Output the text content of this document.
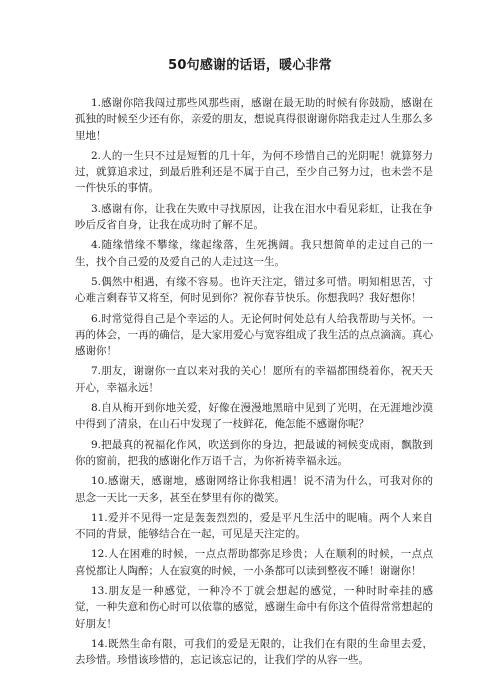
50句感谢的话语，暖心非常

1.感谢你陪我闯过那些风那些雨，感谢在最无助的时候有你鼓励，感谢在孤独的时候至少还有你，亲爱的朋友，想说真得很谢谢你陪我走过人生那么多里地！

2.人的一生只不过是短暂的几十年，为何不珍惜自己的光阴呢！就算努力过，就算追求过，到最后胜利还是不属于自己，至少自己努力过，也未尝不是一件快乐的事情。

3.感谢有你，让我在失败中寻找原因，让我在泪水中看见彩虹，让我在争吵后反省自身，让我在成功时了解不足。

4.随缘惜缘不攀缘，缘起缘落，生死携阔。我只想简单的走过自己的一生，找个自己爱的及爱自己的人走过这一生。

5.偶然中相遇，有缘不容易。也许天注定，错过多可惜。明知相思苦，寸心难言剩春节又将至，何时见到你？祝你春节快乐。你想我吗？我好想你！

6.时常觉得自己是个幸运的人。无论何时何处总有人给我帮助与关怀。一再的体会，一再的确信，是大家用爱心与宽容组成了我生活的点点滴滴。真心感谢你！

7.朋友，谢谢你一直以来对我的关心！愿所有的幸福都围绕着你，祝天天开心，幸福永远！

8.自从梅开到你地关爱，好像在漫漫地黑暗中见到了光明，在无涯地沙漠中得到了清泉，在山石中发现了一枝鲜花，俺怎能不感谢你呢？

9.把最真的祝福化作风，吹送到你的身边，把最诚的祠候变成雨，飘散到你的窗前，把我的感谢化作万语千言，为你祈祷幸福永远。

10.感谢天，感谢地，感谢网络让你我相遇！说不清为什么，可我对你的思念一天比一天多，甚至在梦里有你的微笑。

11.爱并不见得一定是轰轰烈烈的，爱是平凡生活中的昵喃。两个人来自不同的背景，能够结合在一起，可见是天注定的。

12.人在困难的时候，一点点帮助都弥足珍贵；人在顺利的时候，一点点喜悦都让人陶醉；人在寂寞的时候，一小条都可以读到整夜不睡！谢谢你！

13.朋友是一种感觉，一种冷不丁就会想起的感觉，一种时时牵挂的感觉，一种失意和伤心时可以依靠的感觉，感谢生命中有你这个值得常常想起的好朋友！

14.既然生命有限，可我们的爱是无限的，让我们在有限的生命里去爱，去珍惜。珍惜该珍惜的，忘记该忘记的，让我们学的从容一些。
